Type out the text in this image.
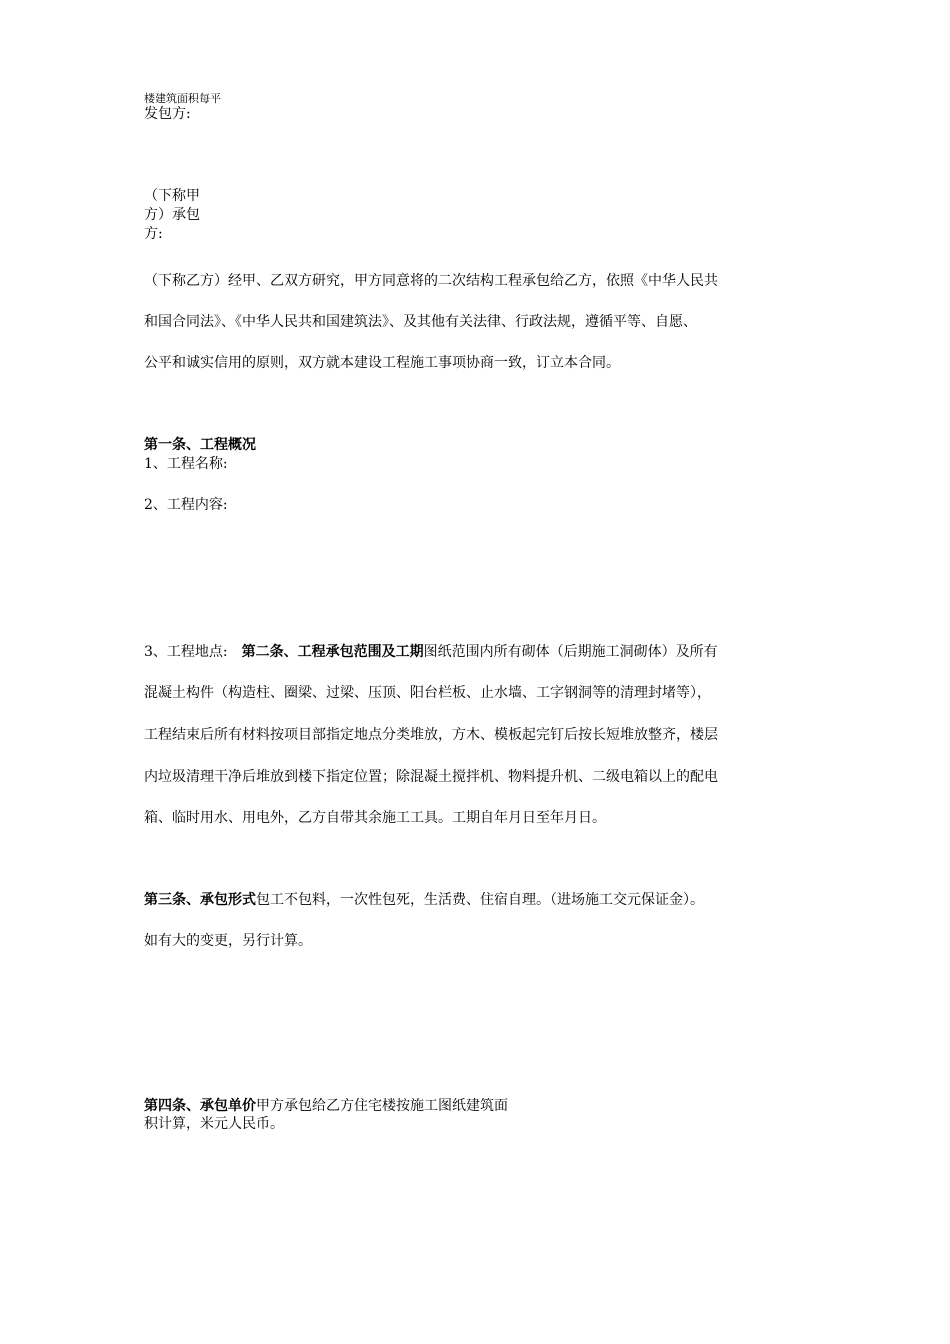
楼建筑面积每平
发包方:
（下称甲
方）承包
方:
（下称乙方）经甲、乙双方研究，甲方同意将的二次结构工程承包给乙方，依照《中华人民共
和国合同法》、《中华人民共和国建筑法》、及其他有关法律、行政法规，遵循平等、自愿、
公平和诚实信用的原则，双方就本建设工程施工事项协商一致，订立本合同。
第一条、工程概况
1、工程名称:
2、工程内容:
3、工程地点:　第二条、工程承包范围及工期图纸范围内所有砌体（后期施工洞砌体）及所有
混凝土构件（构造柱、圈梁、过梁、压顶、阳台栏板、止水墙、工字钢洞等的清理封堵等），
工程结束后所有材料按项目部指定地点分类堆放，方木、模板起完钉后按长短堆放整齐，楼层
内垃圾清理干净后堆放到楼下指定位置；除混凝土搅拌机、物料提升机、二级电箱以上的配电
箱、临时用水、用电外，乙方自带其余施工工具。工期自年月日至年月日。
第三条、承包形式包工不包料，一次性包死，生活费、住宿自理。（进场施工交元保证金）。
如有大的变更，另行计算。
第四条、承包单价甲方承包给乙方住宅楼按施工图纸建筑面
积计算，米元人民币。
